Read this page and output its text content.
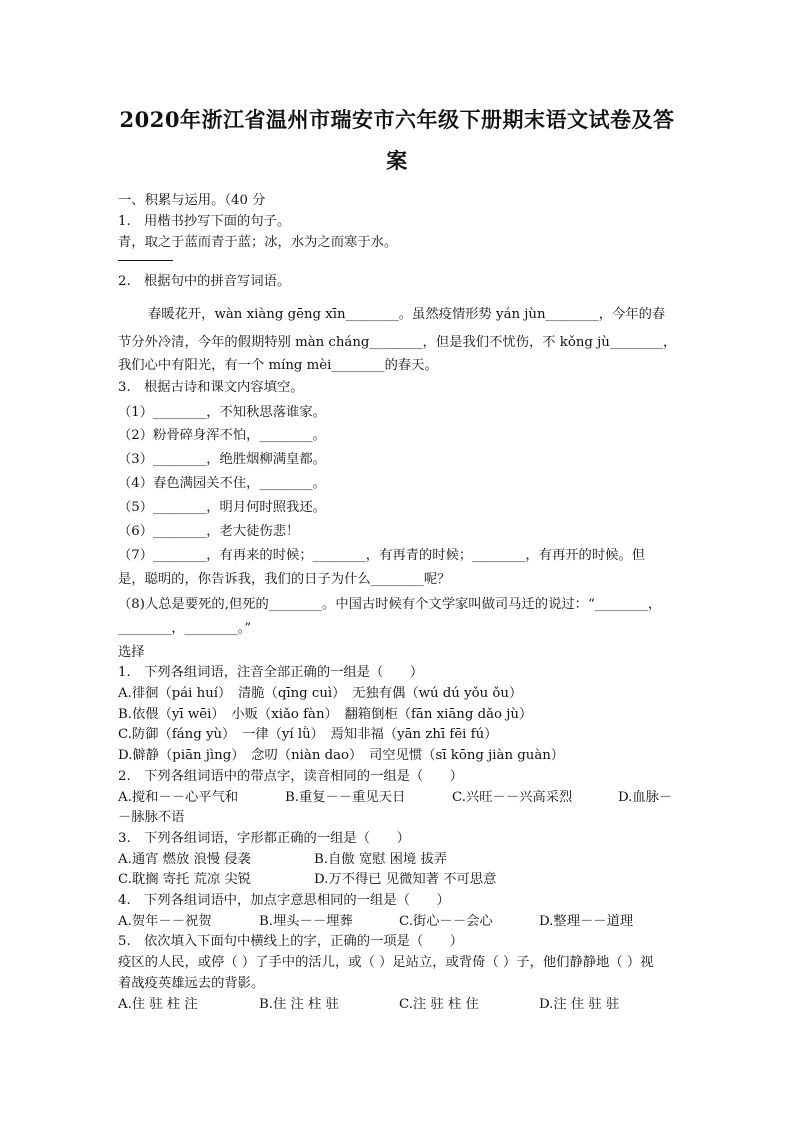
2020年浙江省温州市瑞安市六年级下册期末语文试卷及答
案
一、积累与运用。（40 分
1.　用楷书抄写下面的句子。
青，取之于蓝而青于蓝；冰，水为之而寒于水。
2.　根据句中的拼音写词语。
春暖花开，wàn xiàng gēng xīn________。虽然疫情形势 yán jùn________，今年的春
节分外冷清，今年的假期特别 màn cháng________，但是我们不忧伤，不 kǒng jù________，
我们心中有阳光，有一个 míng mèi________的春天。
3.　根据古诗和课文内容填空。
（1）________，不知秋思落谁家。
（2）粉骨碎身浑不怕，________。
（3）________，绝胜烟柳满皇都。
（4）春色满园关不住，________。
（5）________，明月何时照我还。
（6）________，老大徒伤悲！
（7）________，有再来的时候；________，有再青的时候；________，有再开的时候。但
是，聪明的，你告诉我，我们的日子为什么________呢？
（8)人总是要死的,但死的________。中国古时候有个文学家叫做司马迁的说过：“________，
________，________。”
选择
1.　下列各组词语，注音全部正确的一组是（　　）
A.徘徊（pái huí）　清脆（qīng cuì）　无独有偶（wú dú yǒu ǒu）
B.依偎（yī wēi）　小贩（xiǎo fàn）　翻箱倒柜（fān xiāng dǎo jù）
C.防御（fáng yù）　一律（yí lǜ）　焉知非福（yān zhī fēi fú）
D.僻静（piān jìng）　念叨（niàn dao）　司空见惯（sī kōng jiàn guàn）
2.　下列各组词语中的带点字，读音相同的一组是（　　）
A.搅和－－心平气和	B.重复－－重见天日	C.兴旺－－兴高采烈	D.血脉－
－脉脉不语
3.　下列各组词语，字形都正确的一组是（　　）
A.通宵 燃放 浪慢 侵袭	B.自傲 宽慰 困境 拔弄
C.耽搁 寄托 荒凉 尖锐	D.万不得已 见微知著 不可思意
4.　下列各组词语中，加点字意思相同的一组是（　　）
A.贺年－－祝贺	B.埋头－－埋葬	C.街心－－会心	D.整理－－道理
5.　依次填入下面句中横线上的字，正确的一项是（　　）
疫区的人民，或停（ ）了手中的活儿，或（ ）足站立，或背倚（ ）子，他们静静地（ ）视
着战疫英雄远去的背影。
A.住 驻 柱 注	B.住 注 柱 驻	C.注 驻 柱 住	D.注 住 驻 驻
